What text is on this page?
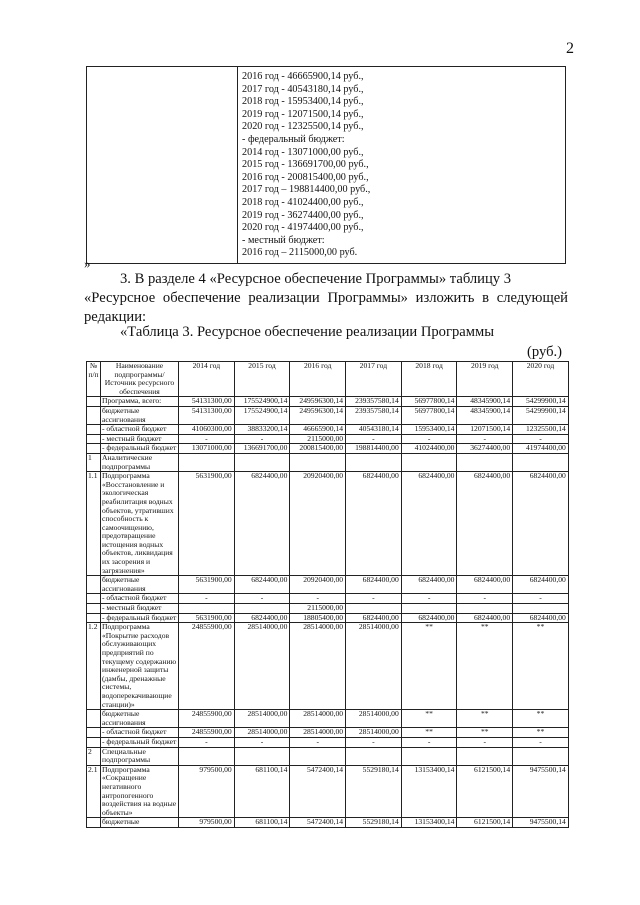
2

2016 год - 46665900,14 руб.,
2017 год - 40543180,14 руб.,
2018 год - 15953400,14 руб.,
2019 год - 12071500,14 руб.,
2020 год - 12325500,14 руб.,
- федеральный бюджет:
2014 год - 13071000,00 руб.,
2015 год - 136691700,00 руб.,
2016 год - 200815400,00 руб.,
2017 год – 198814400,00 руб.,
2018 год - 41024400,00 руб.,
2019 год - 36274400,00 руб.,
2020 год - 41974400,00 руб.,
- местный бюджет:
2016 год – 2115000,00 руб.
»

3. В разделе 4 «Ресурсное обеспечение Программы» таблицу 3

«Ресурсное обеспечение реализации Программы» изложить в следующей редакции:

«Таблица 3. Ресурсное обеспечение реализации Программы
(руб.)
№ п/п	Наименование подпрограммы/Источник ресурсного обеспечения	2014 год	2015 год	2016 год	2017 год	2018 год	2019 год	2020 год
	Программа, всего:	54131300,00	175524900,14	249596300,14	239357580,14	56977800,14	48345900,14	54299900,14
	бюджетные ассигнования	54131300,00	175524900,14	249596300,14	239357580,14	56977800,14	48345900,14	54299900,14
	- областной бюджет	41060300,00	38833200,14	46665900,14	40543180,14	15953400,14	12071500,14	12325500,14
	- местный бюджет	-	-	2115000,00	-	-	-	-
	- федеральный бюджет	13071000,00	136691700,00	200815400,00	198814400,00	41024400,00	36274400,00	41974400,00
1	Аналитические подпрограммы							
1.1	Подпрограмма «Восстановление и экологическая реабилитация водных объектов, утративших способность к самоочищению, предотвращение истощения водных объектов, ликвидация их засорения и загрязнения»	5631900,00	6824400,00	20920400,00	6824400,00	6824400,00	6824400,00	6824400,00
	бюджетные ассигнования	5631900,00	6824400,00	20920400,00	6824400,00	6824400,00	6824400,00	6824400,00
	- областной бюджет	-	-	-	-	-	-	-
	- местный бюджет			2115000,00				
	- федеральный бюджет	5631900,00	6824400,00	18805400,00	6824400,00	6824400,00	6824400,00	6824400,00
1.2	Подпрограмма «Покрытие расходов обслуживающих предприятий по текущему содержанию инженерной защиты (дамбы, дренажные системы, водоперекачивающие станции)»	24855900,00	28514000,00	28514000,00	28514000,00	**	**	**
	бюджетные ассигнования	24855900,00	28514000,00	28514000,00	28514000,00	**	**	**
	- областной бюджет	24855900,00	28514000,00	28514000,00	28514000,00	**	**	**
	- федеральный бюджет	-	-	-	-	-	-	-
2	Специальные подпрограммы							
2.1	Подпрограмма «Сокращение негативного антропогенного воздействия на водные объекты»	979500,00	681100,14	5472400,14	5529180,14	13153400,14	6121500,14	9475500,14
	бюджетные	979500,00	681100,14	5472400,14	5529180,14	13153400,14	6121500,14	9475500,14
